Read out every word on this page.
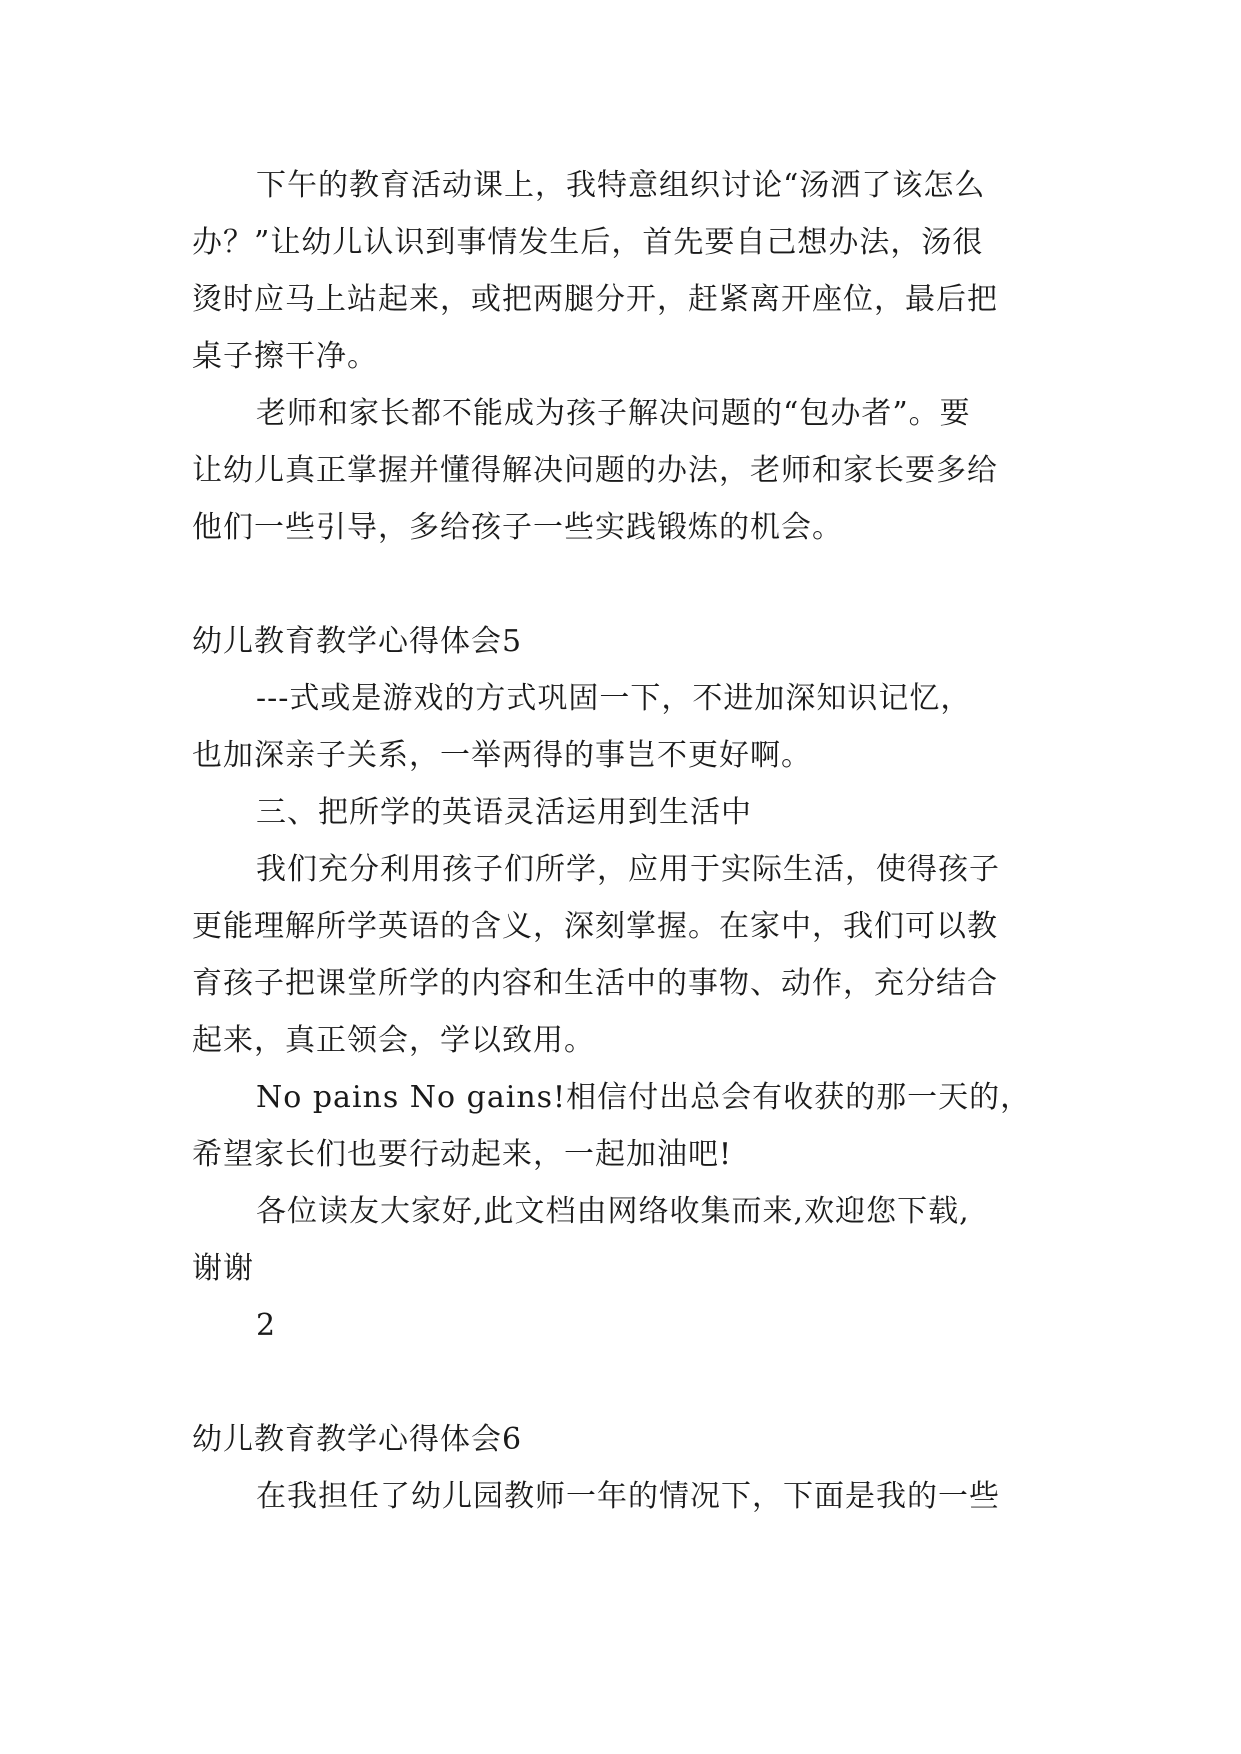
下午的教育活动课上，我特意组织讨论“汤洒了该怎么
办？”让幼儿认识到事情发生后，首先要自己想办法，汤很
烫时应马上站起来，或把两腿分开，赶紧离开座位，最后把
桌子擦干净。
老师和家长都不能成为孩子解决问题的“包办者”。要
让幼儿真正掌握并懂得解决问题的办法，老师和家长要多给
他们一些引导，多给孩子一些实践锻炼的机会。
幼儿教育教学心得体会5
---式或是游戏的方式巩固一下，不进加深知识记忆，
也加深亲子关系，一举两得的事岂不更好啊。
三、把所学的英语灵活运用到生活中
我们充分利用孩子们所学，应用于实际生活，使得孩子
更能理解所学英语的含义，深刻掌握。在家中，我们可以教
育孩子把课堂所学的内容和生活中的事物、动作，充分结合
起来，真正领会，学以致用。
No pains No gains!相信付出总会有收获的那一天的，
希望家长们也要行动起来，一起加油吧!
各位读友大家好,此文档由网络收集而来,欢迎您下载,
谢谢
2
幼儿教育教学心得体会6
在我担任了幼儿园教师一年的情况下，下面是我的一些
